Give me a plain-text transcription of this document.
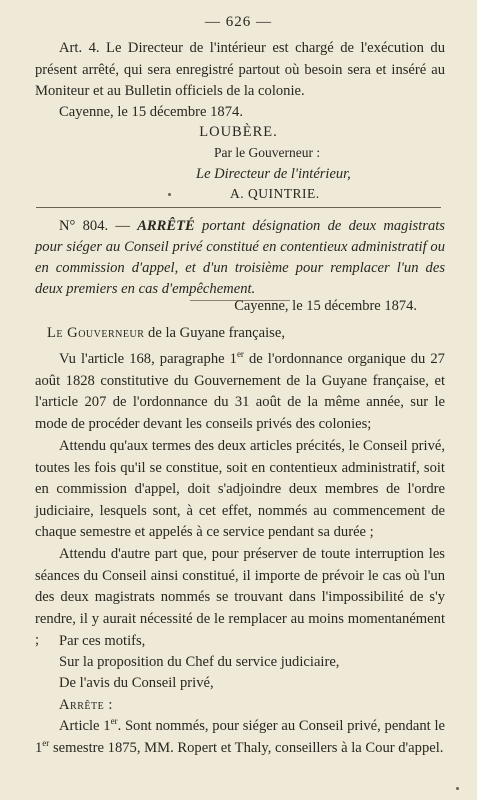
— 626 —

Art. 4. Le Directeur de l'intérieur est chargé de l'exécution du présent arrêté, qui sera enregistré partout où besoin sera et inséré au Moniteur et au Bulletin officiels de la colonie.

Cayenne, le 15 décembre 1874.

LOUBÈRE.
Par le Gouverneur :
Le Directeur de l'intérieur,
A. QUINTRIE.

N° 804. — ARRÊTÉ portant désignation de deux magistrats pour siéger au Conseil privé constitué en contentieux administratif ou en commission d'appel, et d'un troisième pour remplacer l'un des deux premiers en cas d'empêchement.

Cayenne, le 15 décembre 1874.

Le Gouverneur de la Guyane française,

Vu l'article 168, paragraphe 1er de l'ordonnance organique du 27 août 1828 constitutive du Gouvernement de la Guyane française, et l'article 207 de l'ordonnance du 31 août de la même année, sur le mode de procéder devant les conseils privés des colonies;

Attendu qu'aux termes des deux articles précités, le Conseil privé, toutes les fois qu'il se constitue, soit en contentieux administratif, soit en commission d'appel, doit s'adjoindre deux membres de l'ordre judiciaire, lesquels sont, à cet effet, nommés au commencement de chaque semestre et appelés à ce service pendant sa durée ;

Attendu d'autre part que, pour préserver de toute interruption les séances du Conseil ainsi constitué, il importe de prévoir le cas où l'un des deux magistrats nommés se trouvant dans l'impossibilité de s'y rendre, il y aurait nécessité de le remplacer au moins momentanément ;	Par ces motifs,

Sur la proposition du Chef du service judiciaire,

De l'avis du Conseil privé,

Arrête :

Article 1er. Sont nommés, pour siéger au Conseil privé, pendant le 1er semestre 1875, MM. Ropert et Thaly, conseillers à la Cour d'appel.
